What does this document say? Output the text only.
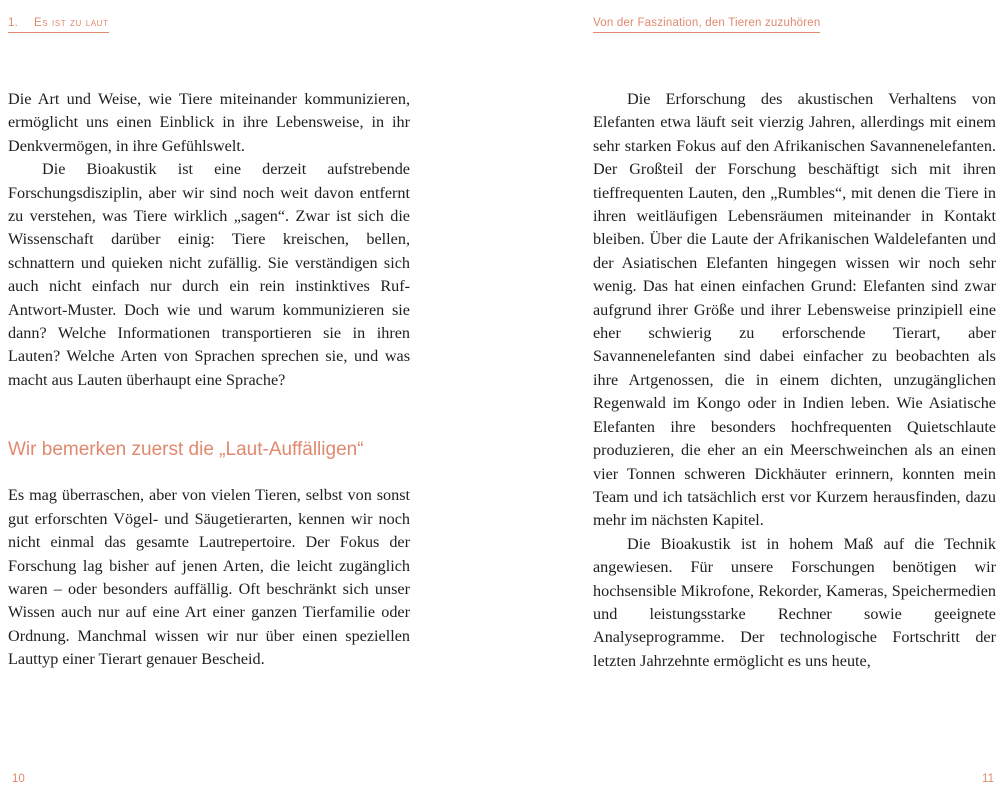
1. Es ist zu laut

Die Art und Weise, wie Tiere miteinander kommunizieren, ermöglicht uns einen Einblick in ihre Lebensweise, in ihr Denkvermögen, in ihre Gefühlswelt.

Die Bioakustik ist eine derzeit aufstrebende Forschungsdisziplin, aber wir sind noch weit davon entfernt zu verstehen, was Tiere wirklich „sagen“. Zwar ist sich die Wissenschaft darüber einig: Tiere kreischen, bellen, schnattern und quieken nicht zufällig. Sie verständigen sich auch nicht einfach nur durch ein rein instinktives Ruf-Antwort-Muster. Doch wie und warum kommunizieren sie dann? Welche Informationen transportieren sie in ihren Lauten? Welche Arten von Sprachen sprechen sie, und was macht aus Lauten überhaupt eine Sprache?

Wir bemerken zuerst die „Laut-Auffälligen“

Es mag überraschen, aber von vielen Tieren, selbst von sonst gut erforschten Vögel- und Säugetierarten, kennen wir noch nicht einmal das gesamte Lautrepertoire. Der Fokus der Forschung lag bisher auf jenen Arten, die leicht zugänglich waren – oder besonders auffällig. Oft beschränkt sich unser Wissen auch nur auf eine Art einer ganzen Tierfamilie oder Ordnung. Manchmal wissen wir nur über einen speziellen Lauttyp einer Tierart genauer Bescheid.

10
Von der Faszination, den Tieren zuzuhören

Die Erforschung des akustischen Verhaltens von Elefanten etwa läuft seit vierzig Jahren, allerdings mit einem sehr starken Fokus auf den Afrikanischen Savannenelefanten. Der Großteil der Forschung beschäftigt sich mit ihren tieffrequenten Lauten, den „Rumbles“, mit denen die Tiere in ihren weitläufigen Lebensräumen miteinander in Kontakt bleiben. Über die Laute der Afrikanischen Waldelefanten und der Asiatischen Elefanten hingegen wissen wir noch sehr wenig. Das hat einen einfachen Grund: Elefanten sind zwar aufgrund ihrer Größe und ihrer Lebensweise prinzipiell eine eher schwierig zu erforschende Tierart, aber Savannenelefanten sind dabei einfacher zu beobachten als ihre Artgenossen, die in einem dichten, unzugänglichen Regenwald im Kongo oder in Indien leben. Wie Asiatische Elefanten ihre besonders hochfrequenten Quietschlaute produzieren, die eher an ein Meerschweinchen als an einen vier Tonnen schweren Dickhäuter erinnern, konnten mein Team und ich tatsächlich erst vor Kurzem herausfinden, dazu mehr im nächsten Kapitel.

Die Bioakustik ist in hohem Maß auf die Technik angewiesen. Für unsere Forschungen benötigen wir hochsensible Mikrofone, Rekorder, Kameras, Speichermedien und leistungsstarke Rechner sowie geeignete Analyseprogramme. Der technologische Fortschritt der letzten Jahrzehnte ermöglicht es uns heute,

11
